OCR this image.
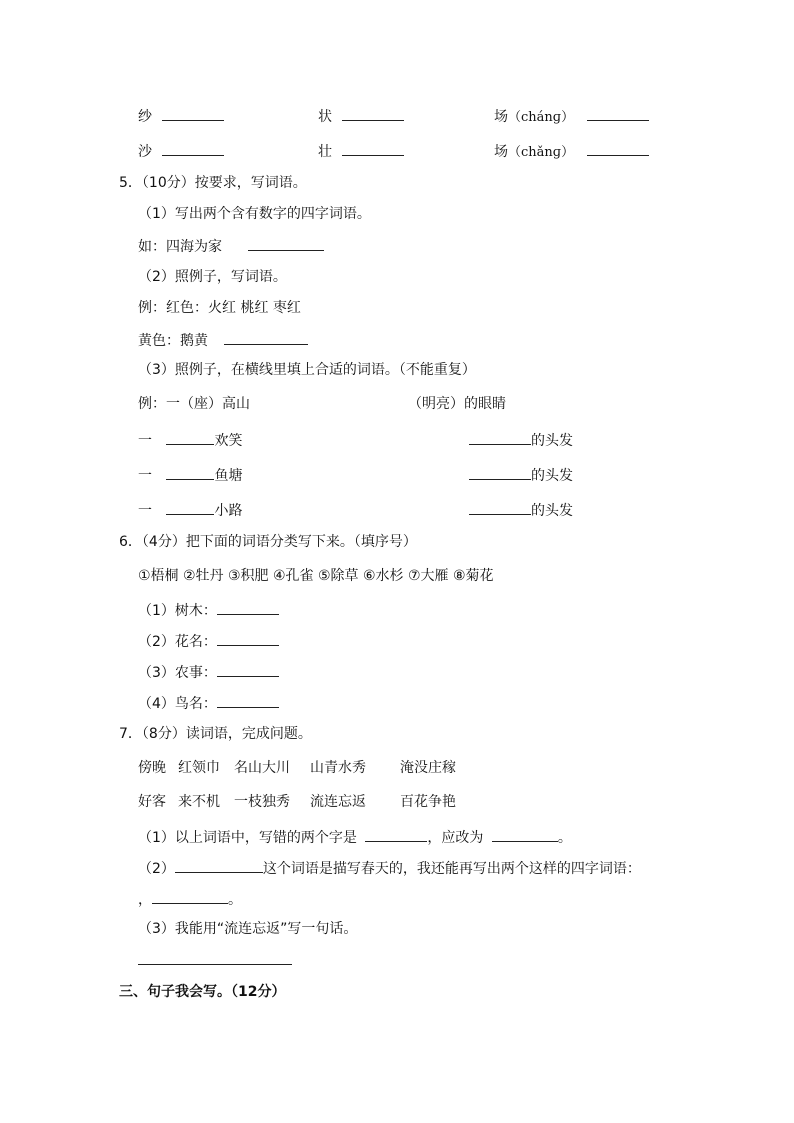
纱	状	场（chánɡ）
沙	壮	场（chǎnɡ）
5．（10分）按要求，写词语。
（1）写出两个含有数字的四字词语。
如：四海为家
（2）照例子，写词语。
例：红色：火红 桃红 枣红
黄色：鹅黄
（3）照例子，在横线里填上合适的词语。（不能重复）
例：一（座）高山	（明亮）的眼睛
一	欢笑	的头发
一	鱼塘	的头发
一	小路	的头发
6．（4分）把下面的词语分类写下来。（填序号）
①梧桐 ②牡丹 ③积肥 ④孔雀 ⑤除草 ⑥水杉 ⑦大雁 ⑧菊花
（1）树木：
（2）花名：
（3）农事：
（4）鸟名：
7．（8分）读词语，完成问题。
傍晚 红领巾 名山大川 山青水秀 淹没庄稼
好客 来不机 一枝独秀 流连忘返 百花争艳
（1）以上词语中，写错的两个字是	，应改为	。
（2）	这个词语是描写春天的，我还能再写出两个这样的四字词语：
，	。
（3）我能用“流连忘返”写一句话。
三、句子我会写。（12分）
